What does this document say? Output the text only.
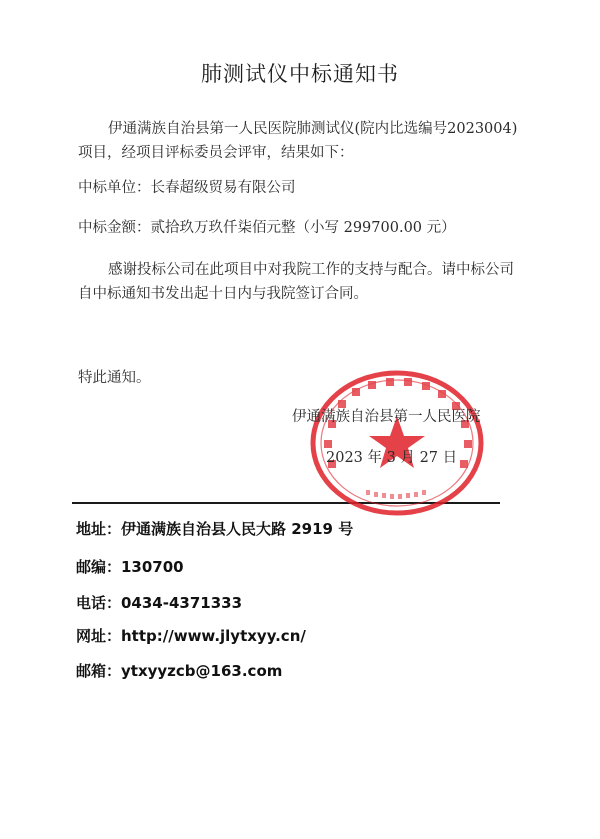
肺测试仪中标通知书
伊通满族自治县第一人民医院肺测试仪(院内比选编号2023004)项目，经项目评标委员会评审，结果如下：
中标单位：长春超级贸易有限公司
中标金额：贰拾玖万玖仟柒佰元整（小写 299700.00 元）
感谢投标公司在此项目中对我院工作的支持与配合。请中标公司自中标通知书发出起十日内与我院签订合同。
特此通知。
伊通满族自治县第一人民医院
2023 年 3 月 27 日
地址：伊通满族自治县人民大路 2919 号
邮编：130700
电话：0434-4371333
网址：http://www.jlytxyy.cn/
邮箱：ytxyyzcb@163.com
